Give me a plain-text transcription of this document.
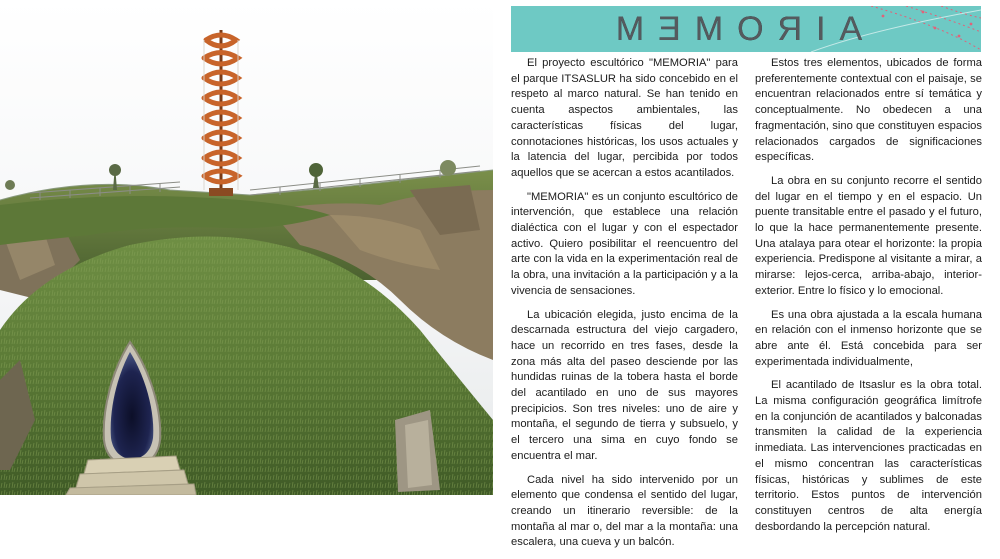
MƎMOЯIA

El proyecto escultórico "MEMORIA" para el parque ITSASLUR ha sido concebido en el respeto al marco natural. Se han tenido en cuenta aspectos ambientales, las características físicas del lugar, connotaciones históricas, los usos actuales y la latencia del lugar, percibida por todos aquellos que se acercan a estos acantilados.

"MEMORIA" es un conjunto escultórico de intervención, que establece una relación dialéctica con el lugar y con el espectador activo. Quiero posibilitar el reencuentro del arte con la vida en la experimentación real de la obra, una invitación a la participación y a la vivencia de sensaciones.

La ubicación elegida, justo encima de la descarnada estructura del viejo cargadero, hace un recorrido en tres fases, desde la zona más alta del paseo desciende por las hundidas ruinas de la tobera hasta el borde del acantilado en uno de sus mayores precipicios. Son tres niveles: uno de aire y montaña, el segundo de tierra y subsuelo, y el tercero una sima en cuyo fondo se encuentra el mar.

Cada nivel ha sido intervenido por un elemento que condensa el sentido del lugar, creando un itinerario reversible: de la montaña al mar o, del mar a la montaña: una escalera, una cueva y un balcón.

Estos tres elementos, ubicados de forma preferentemente contextual con el paisaje, se encuentran relacionados entre sí temática y conceptualmente. No obedecen a una fragmentación, sino que constituyen espacios relacionados cargados de significaciones específicas.

La obra en su conjunto recorre el sentido del lugar en el tiempo y en el espacio. Un puente transitable entre el pasado y el futuro, lo que la hace permanentemente presente. Una atalaya para otear el horizonte: la propia experiencia. Predispone al visitante a mirar, a mirarse: lejos-cerca, arriba-abajo, interior-exterior. Entre lo físico y lo emocional.

Es una obra ajustada a la escala humana en relación con el inmenso horizonte que se abre ante él. Está concebida para ser experimentada individualmente,

El acantilado de Itsaslur es la obra total. La misma configuración geográfica limítrofe en la conjunción de acantilados y balconadas transmiten la calidad de la experiencia inmediata. Las intervenciones practicadas en el mismo concentran las características físicas, históricas y sublimes de este territorio. Estos puntos de intervención constituyen centros de alta energía desbordando la percepción natural.
